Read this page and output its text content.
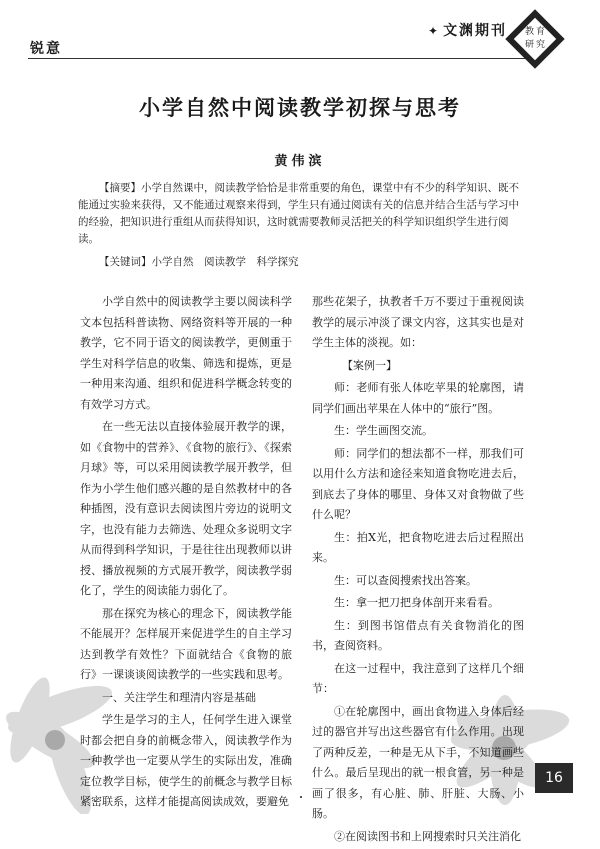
锐意
✦ 文渊期刊 教育研究
小学自然中阅读教学初探与思考
黄伟滨

【摘要】小学自然课中，阅读教学恰恰是非常重要的角色，课堂中有不少的科学知识、既不能通过实验来获得，又不能通过观察来得到，学生只有通过阅读有关的信息并结合生活与学习中的经验，把知识进行重组从而获得知识，这时就需要教师灵活把关的科学知识组织学生进行阅读。

【关键词】小学自然　阅读教学　科学探究

小学自然中的阅读教学主要以阅读科学文本包括科普读物、网络资料等开展的一种教学，它不同于语文的阅读教学，更侧重于学生对科学信息的收集、筛选和提炼，更是一种用来沟通、组织和促进科学概念转变的有效学习方式。

在一些无法以直接体验展开教学的课，如《食物中的营养》、《食物的旅行》、《探索月球》等，可以采用阅读教学展开教学，但作为小学生他们感兴趣的是自然教材中的各种插图，没有意识去阅读图片旁边的说明文字，也没有能力去筛选、处理众多说明文字从而得到科学知识，于是往往出现教师以讲授、播放视频的方式展开教学，阅读教学弱化了，学生的阅读能力弱化了。

那在探究为核心的理念下，阅读教学能不能展开？怎样展开来促进学生的自主学习达到教学有效性？下面就结合《食物的旅行》一课谈谈阅读教学的一些实践和思考。

一、关注学生和理清内容是基础

学生是学习的主人，任何学生进入课堂时都会把自身的前概念带入，阅读教学作为一种教学也一定要从学生的实际出发，准确定位教学目标，使学生的前概念与教学目标紧密联系，这样才能提高阅读成效，要避免

那些花架子，执教者千万不要过于重视阅读教学的展示冲淡了课文内容，这其实也是对学生主体的淡视。如：

【案例一】

师：老师有张人体吃苹果的轮廓图，请同学们画出苹果在人体中的“旅行”图。

生：学生画图交流。

师：同学们的想法都不一样，那我们可以用什么方法和途径来知道食物吃进去后，到底去了身体的哪里、身体又对食物做了些什么呢？

生：拍Ⅹ光，把食物吃进去后过程照出来。

生：可以查阅搜索找出答案。

生：拿一把刀把身体剖开来看看。

生：到图书馆借点有关食物消化的图书，查阅资料。

在这一过程中，我注意到了这样几个细节：

①在轮廓图中，画出食物进入身体后经过的器官并写出这些器官有什么作用。出现了两种反差，一种是无从下手，不知道画些什么。最后呈现出的就一根食管，另一种是画了很多，有心脏、肺、肝脏、大肠、小肠。

②在阅读图书和上网搜索时只关注消化

16
